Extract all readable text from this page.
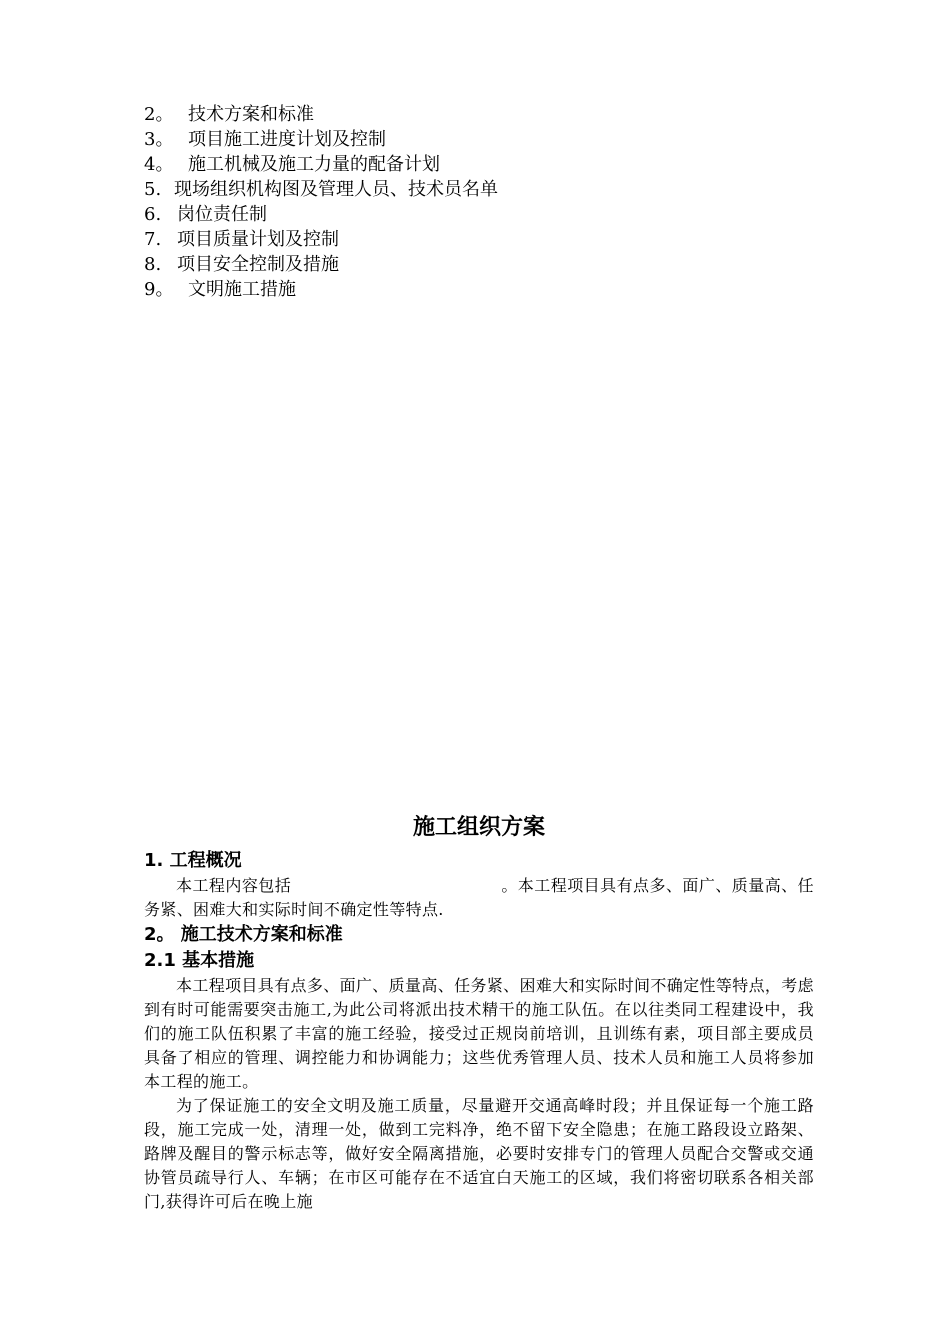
2。 技术方案和标准
3。 项目施工进度计划及控制
4。 施工机械及施工力量的配备计划
5. 现场组织机构图及管理人员、技术员名单
6. 岗位责任制
7. 项目质量计划及控制
8. 项目安全控制及措施
9。 文明施工措施
施工组织方案
1. 工程概况

本工程内容包括	。本工程项目具有点多、面广、质量高、任务紧、困难大和实际时间不确定性等特点.

2。 施工技术方案和标准
2.1 基本措施

本工程项目具有点多、面广、质量高、任务紧、困难大和实际时间不确定性等特点，考虑到有时可能需要突击施工,为此公司将派出技术精干的施工队伍。在以往类同工程建设中，我们的施工队伍积累了丰富的施工经验，接受过正规岗前培训，且训练有素，项目部主要成员具备了相应的管理、调控能力和协调能力；这些优秀管理人员、技术人员和施工人员将参加本工程的施工。

为了保证施工的安全文明及施工质量，尽量避开交通高峰时段；并且保证每一个施工路段，施工完成一处，清理一处，做到工完料净，绝不留下安全隐患；在施工路段设立路架、路牌及醒目的警示标志等，做好安全隔离措施，必要时安排专门的管理人员配合交警或交通协管员疏导行人、车辆；在市区可能存在不适宜白天施工的区域，我们将密切联系各相关部门,获得许可后在晚上施
